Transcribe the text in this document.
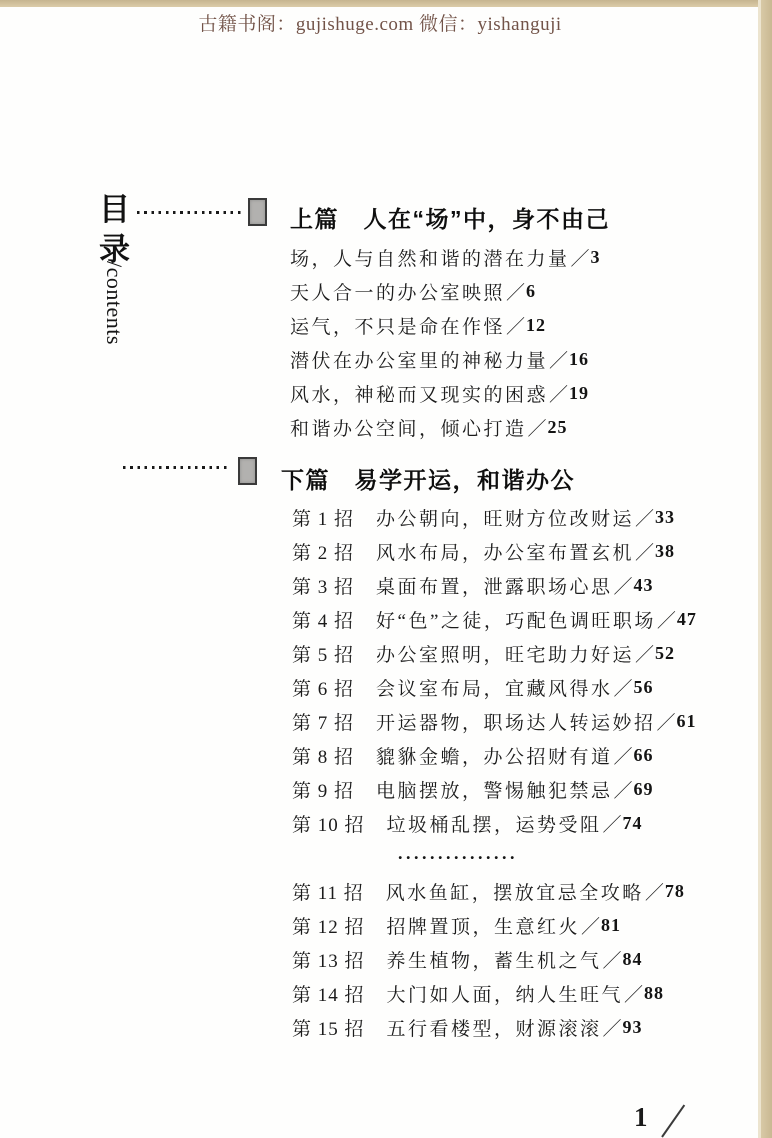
古籍书阁：gujishuge.com 微信：yishanguji
目
录
/contents
上篇　人在“场”中，身不由己
场，人与自然和谐的潜在力量 ／ 3
天人合一的办公室映照 ／ 6
运气，不只是命在作怪 ／ 12
潜伏在办公室里的神秘力量 ／ 16
风水，神秘而又现实的困惑 ／ 19
和谐办公空间，倾心打造 ／ 25
下篇　易学开运，和谐办公
第 1 招 办公朝向，旺财方位改财运 ／ 33
第 2 招 风水布局，办公室布置玄机 ／ 38
第 3 招 桌面布置，泄露职场心思 ／ 43
第 4 招 好“色”之徒，巧配色调旺职场 ／ 47
第 5 招 办公室照明，旺宅助力好运 ／ 52
第 6 招 会议室布局，宜藏风得水 ／ 56
第 7 招 开运器物，职场达人转运妙招 ／ 61
第 8 招 貔貅金蟾，办公招财有道 ／ 66
第 9 招 电脑摆放，警惕触犯禁忌 ／ 69
第 10 招 垃圾桶乱摆，运势受阻 ／ 74
...............
第 11 招 风水鱼缸，摆放宜忌全攻略 ／ 78
第 12 招 招牌置顶，生意红火 ／ 81
第 13 招 养生植物，蓄生机之气 ／ 84
第 14 招 大门如人面，纳人生旺气 ／ 88
第 15 招 五行看楼型，财源滚滚 ／ 93
1
